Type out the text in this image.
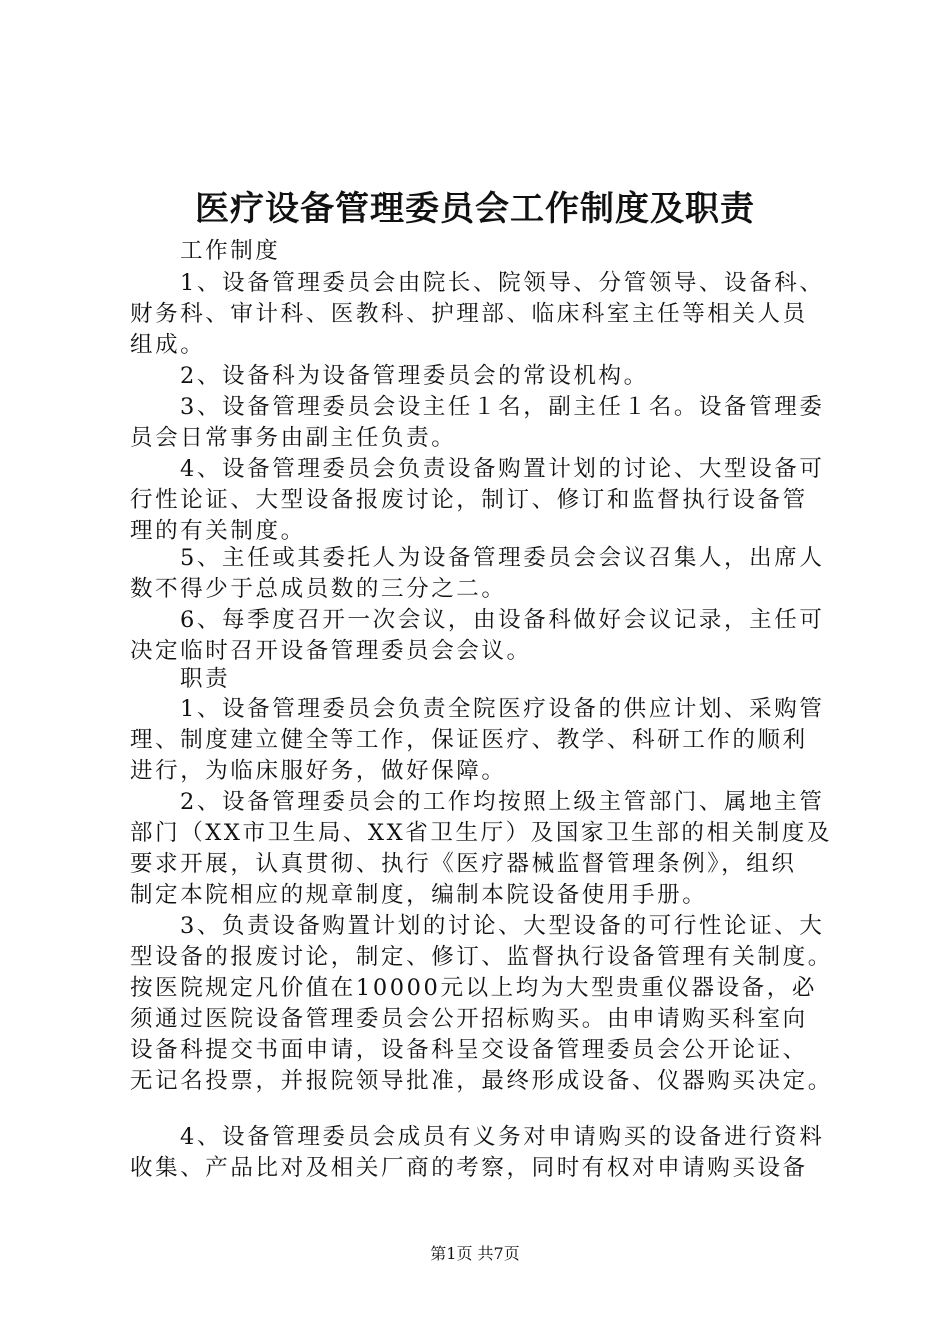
医疗设备管理委员会工作制度及职责
工作制度
1、设备管理委员会由院长、院领导、分管领导、设备科、
财务科、审计科、医教科、护理部、临床科室主任等相关人员
组成。
2、设备科为设备管理委员会的常设机构。
3、设备管理委员会设主任１名，副主任１名。设备管理委
员会日常事务由副主任负责。
4、设备管理委员会负责设备购置计划的讨论、大型设备可
行性论证、大型设备报废讨论，制订、修订和监督执行设备管
理的有关制度。
5、主任或其委托人为设备管理委员会会议召集人，出席人
数不得少于总成员数的三分之二。
6、每季度召开一次会议，由设备科做好会议记录，主任可
决定临时召开设备管理委员会会议。
职责
1、设备管理委员会负责全院医疗设备的供应计划、采购管
理、制度建立健全等工作，保证医疗、教学、科研工作的顺利
进行，为临床服好务，做好保障。
2、设备管理委员会的工作均按照上级主管部门、属地主管
部门（XX市卫生局、XX省卫生厅）及国家卫生部的相关制度及
要求开展，认真贯彻、执行《医疗器械监督管理条例》，组织
制定本院相应的规章制度，编制本院设备使用手册。
3、负责设备购置计划的讨论、大型设备的可行性论证、大
型设备的报废讨论，制定、修订、监督执行设备管理有关制度。
按医院规定凡价值在10000元以上均为大型贵重仪器设备，必
须通过医院设备管理委员会公开招标购买。由申请购买科室向
设备科提交书面申请，设备科呈交设备管理委员会公开论证、
无记名投票，并报院领导批准，最终形成设备、仪器购买决定。
4、设备管理委员会成员有义务对申请购买的设备进行资料
收集、产品比对及相关厂商的考察，同时有权对申请购买设备
第1页 共7页
